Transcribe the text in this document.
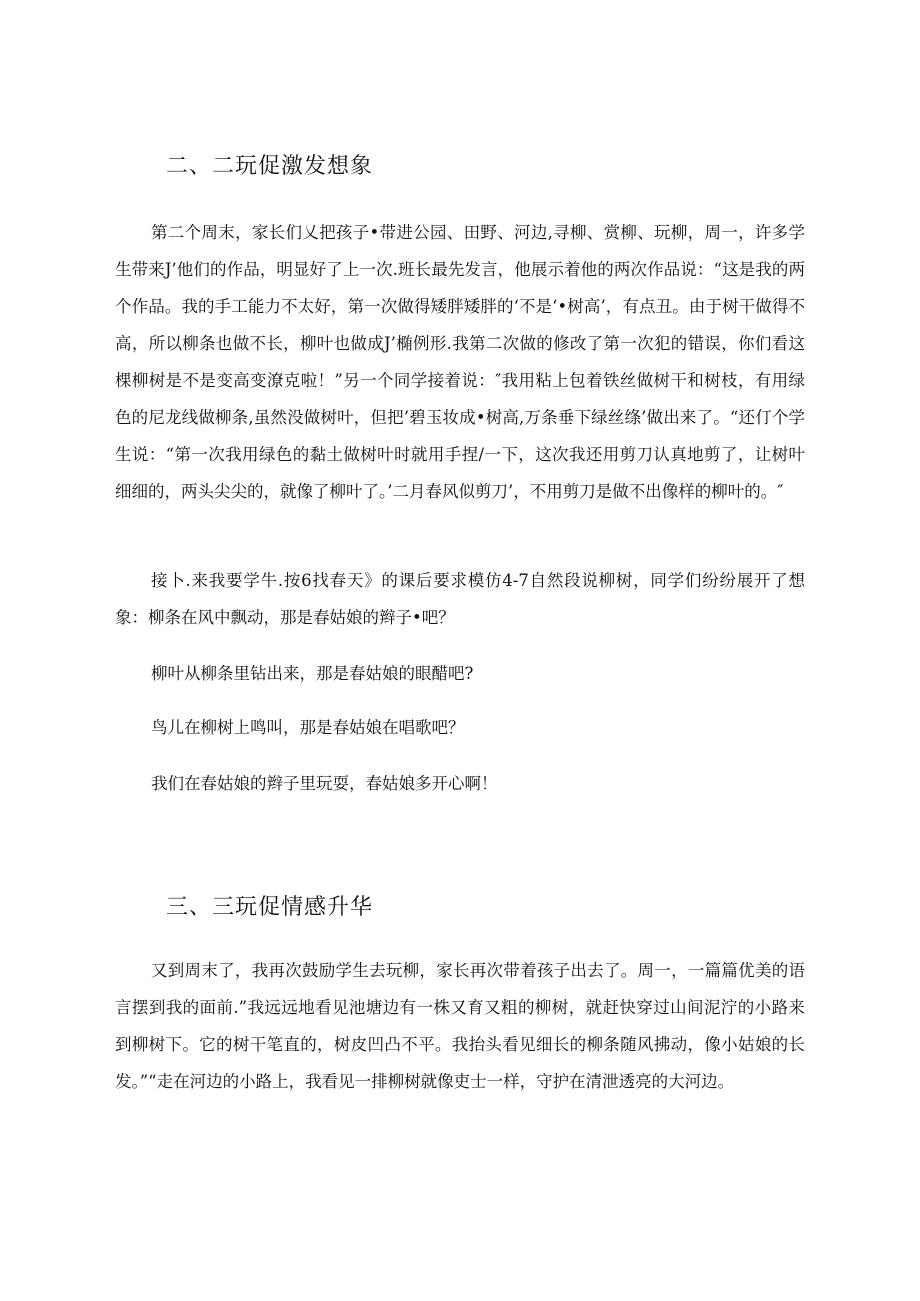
二、二玩促激发想象

第二个周末，家长们乂把孩子•带进公园、田野、河边,寻柳、赏柳、玩柳，周一，许多学生带来J’他们的作品，明显好了上一次.班长最先发言，他展示着他的两次作品说：“这是我的两个作品。我的手工能力不太好，第一次做得矮胖矮胖的‘不是‘•树高’，有点丑。由于树干做得不高，所以柳条也做不长，柳叶也做成J’椭例形.我第二次做的修改了第一次犯的错误，你们看这棵柳树是不是变高变潦克啦！”另一个同学接着说：″我用粘上包着铁丝做树干和树枝，有用绿色的尼龙线做柳条,虽然没做树叶，但把’碧玉妆成•树高,万条垂下绿丝绦’做出来了。“还仃个学生说：“第一次我用绿色的黏土做树叶时就用手捏/一下，这次我还用剪刀认真地剪了，让树叶细细的，两头尖尖的，就像了柳叶了。’二月春风似剪刀’，不用剪刀是做不出像样的柳叶的。″

接卜.来我要学牛.按6找春天》的课后要求模仿4-7自然段说柳树，同学们纷纷展开了想象：柳条在风中飘动，那是春姑娘的辫子•吧？

柳叶从柳条里钻出来，那是春姑娘的眼醋吧?

鸟儿在柳树上鸣叫，那是春姑娘在唱歌吧？

我们在春姑娘的辫子里玩耍，春姑娘多开心啊！

三、三玩促情感升华

又到周末了，我再次鼓励学生去玩柳，家长再次带着孩子出去了。周一，一篇篇优美的语言摆到我的面前.”我远远地看见池塘边有一株又育又粗的柳树，就赶快穿过山间泥泞的小路来到柳树下。它的树干笔直的，树皮凹凸不平。我抬头看见细长的柳条随风拂动，像小姑娘的长发。”“走在河边的小路上，我看见一排柳树就像吏士一样，守护在清泄透亮的大河边。
